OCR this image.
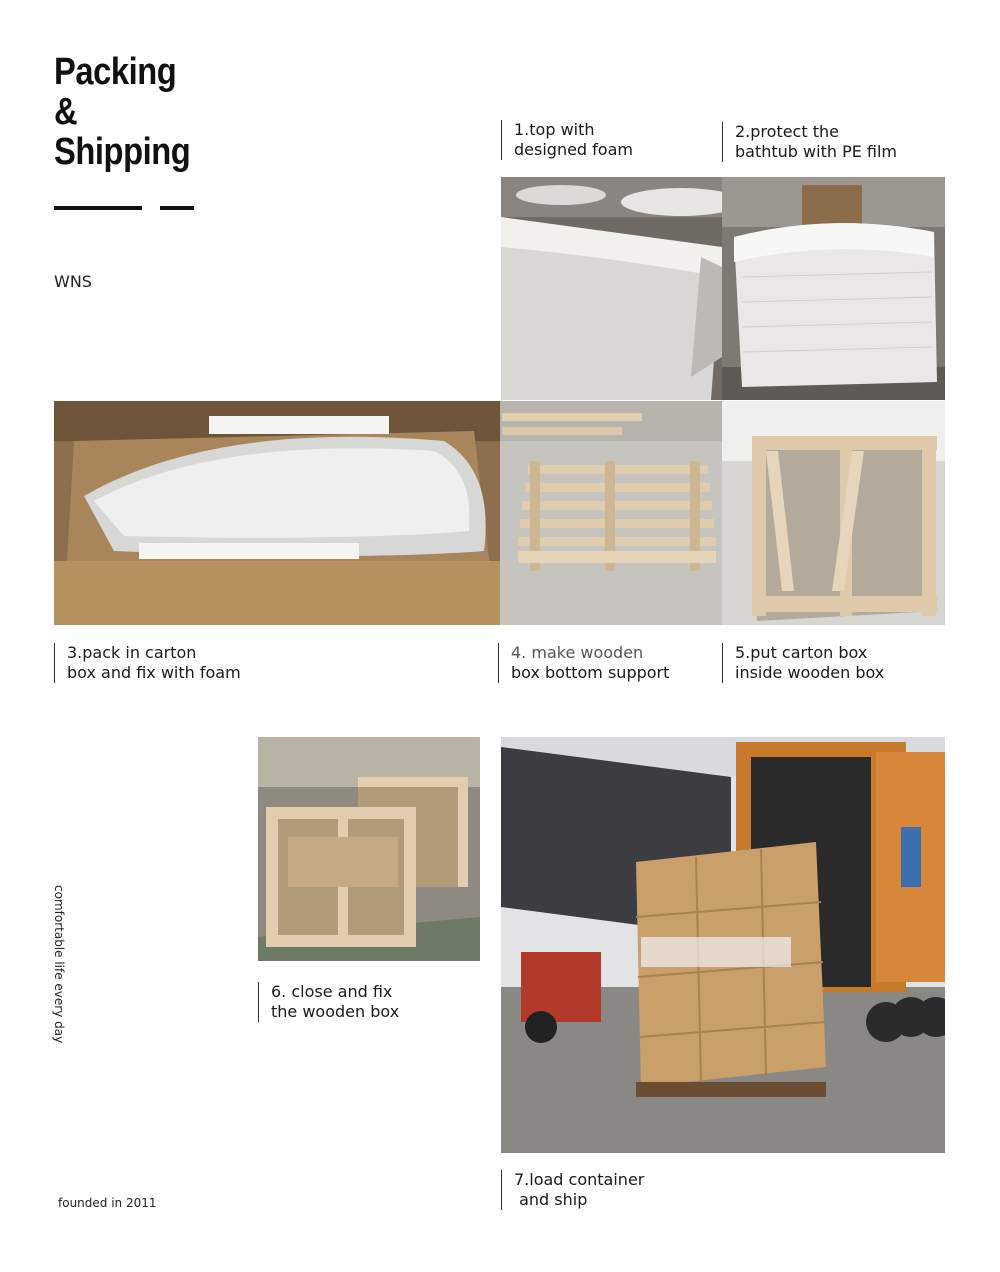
Packing
&
Shipping
WNS
comfortable life every day
founded in 2011
1.top with
designed foam
2.protect the
bathtub with PE film
3.pack in carton
box and fix with foam
4. make wooden
box bottom support
5.put carton box
inside wooden box
6. close and fix
the wooden box
7.load container
and ship
